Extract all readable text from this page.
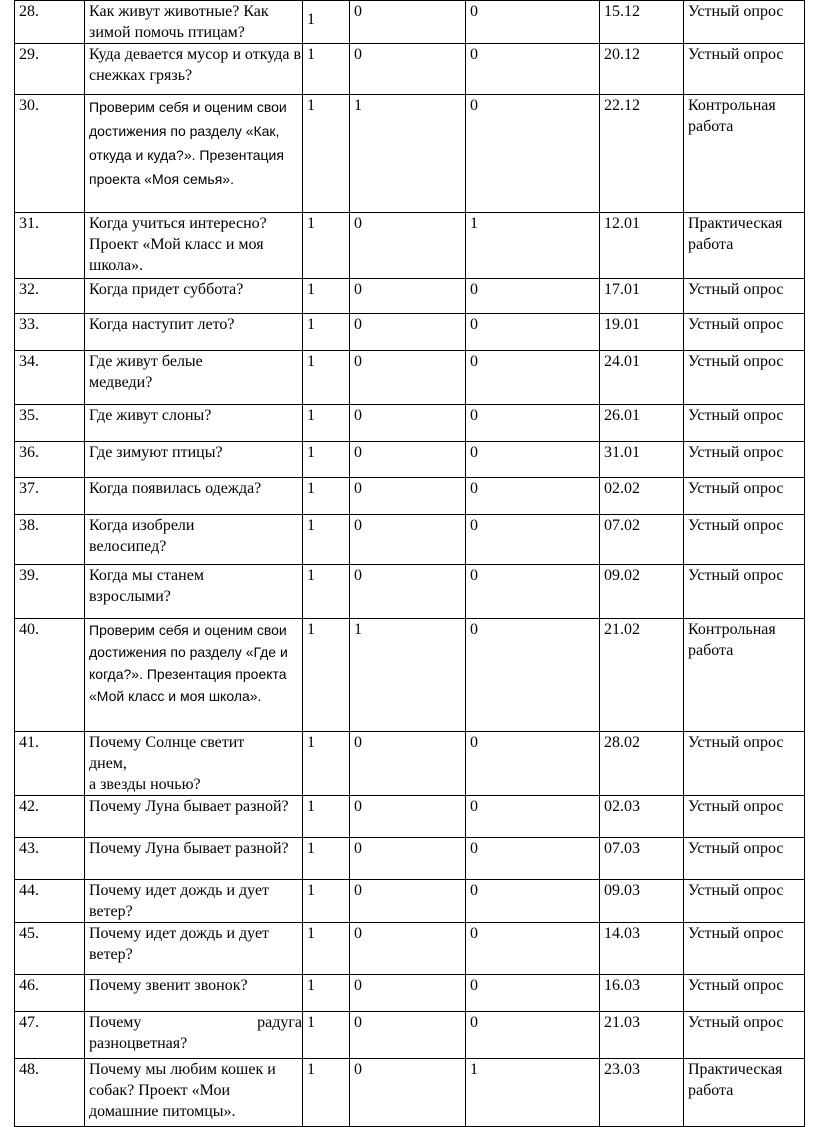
28.	Как живут животные? Как зимой помочь птицам?	1	0	0	15.12	Устный опрос
29.	Куда девается мусор и откуда в снежках грязь?	1	0	0	20.12	Устный опрос
30.	Проверим себя и оценим свои достижения по разделу «Как, откуда и куда?». Презентация проекта «Моя семья».	1	1	0	22.12	Контрольная работа
31.	Когда учиться интересно? Проект «Мой класс и моя школа».	1	0	1	12.01	Практическая работа
32.	Когда придет суббота?	1	0	0	17.01	Устный опрос
33.	Когда наступит лето?	1	0	0	19.01	Устный опрос
34.	Где живут белые медведи?	1	0	0	24.01	Устный опрос
35.	Где живут слоны?	1	0	0	26.01	Устный опрос
36.	Где зимуют птицы?	1	0	0	31.01	Устный опрос
37.	Когда появилась одежда?	1	0	0	02.02	Устный опрос
38.	Когда изобрели велосипед?	1	0	0	07.02	Устный опрос
39.	Когда мы станем взрослыми?	1	0	0	09.02	Устный опрос
40.	Проверим себя и оценим свои достижения по разделу «Где и когда?». Презентация проекта «Мой класс и моя школа».	1	1	0	21.02	Контрольная работа
41.	Почему Солнце светит днем,
а звезды ночью?	1	0	0	28.02	Устный опрос
42.	Почему Луна бывает разной?	1	0	0	02.03	Устный опрос
43.	Почему Луна бывает разной?	1	0	0	07.03	Устный опрос
44.	Почему идет дождь и дует ветер?	1	0	0	09.03	Устный опрос
45.	Почему идет дождь и дует ветер?	1	0	0	14.03	Устный опрос
46.	Почему звенит звонок?	1	0	0	16.03	Устный опрос
47.	Почему радуга
разноцветная?	1	0	0	21.03	Устный опрос
48.	Почему мы любим кошек и собак? Проект «Мои домашние питомцы».	1	0	1	23.03	Практическая работа
